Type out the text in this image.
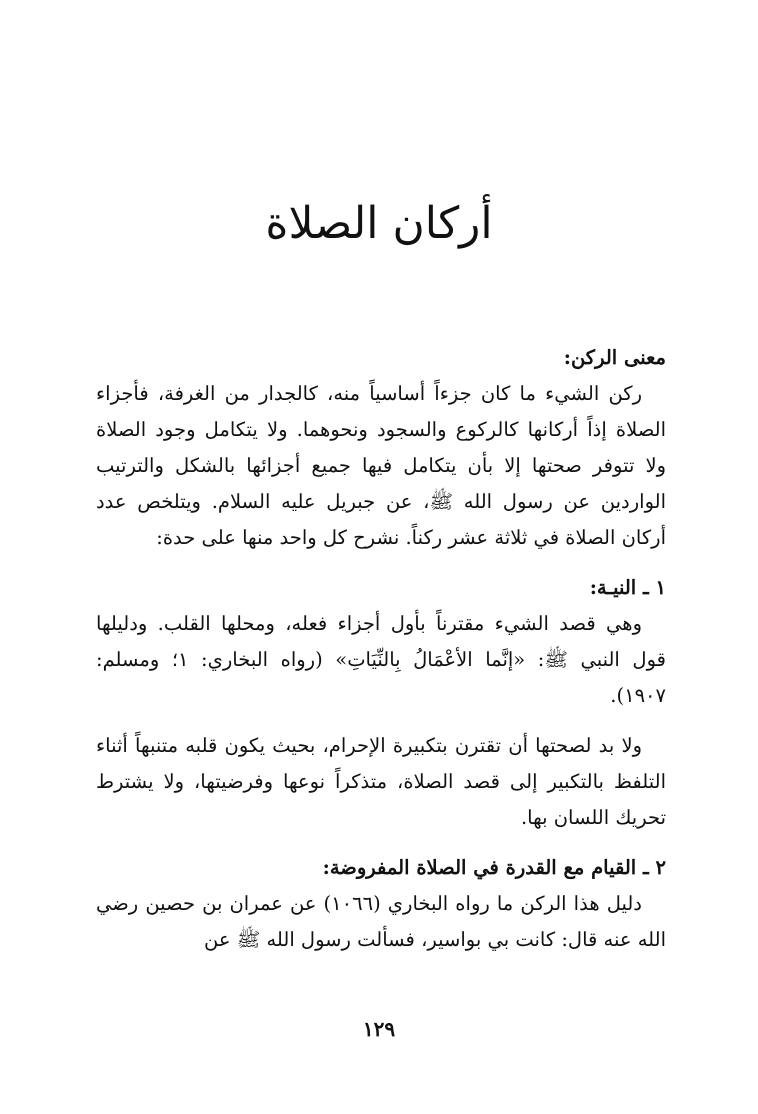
أركان الصلاة

معنى الركن:

ركن الشيء ما كان جزءاً أساسياً منه، كالجدار من الغرفة، فأجزاء الصلاة إذاً أركانها كالركوع والسجود ونحوهما. ولا يتكامل وجود الصلاة ولا تتوفر صحتها إلا بأن يتكامل فيها جميع أجزائها بالشكل والترتيب الواردين عن رسول الله ﷺ، عن جبريل عليه السلام. ويتلخص عدد أركان الصلاة في ثلاثة عشر ركناً. نشرح كل واحد منها على حدة:

١ ـ النيـة:

وهي قصد الشيء مقترناً بأول أجزاء فعله، ومحلها القلب. ودليلها قول النبي ﷺ: «إنَّما الأعْمَالُ بِالنِّيَاتِ» (رواه البخاري: ١؛ ومسلم: ١٩٠٧).

ولا بد لصحتها أن تقترن بتكبيرة الإحرام، بحيث يكون قلبه متنبهاً أثناء التلفظ بالتكبير إلى قصد الصلاة، متذكراً نوعها وفرضيتها، ولا يشترط تحريك اللسان بها.

٢ ـ القيام مع القدرة في الصلاة المفروضة:

دليل هذا الركن ما رواه البخاري (١٠٦٦) عن عمران بن حصين رضي الله عنه قال: كانت بي بواسير، فسألت رسول الله ﷺ عن

١٢٩
